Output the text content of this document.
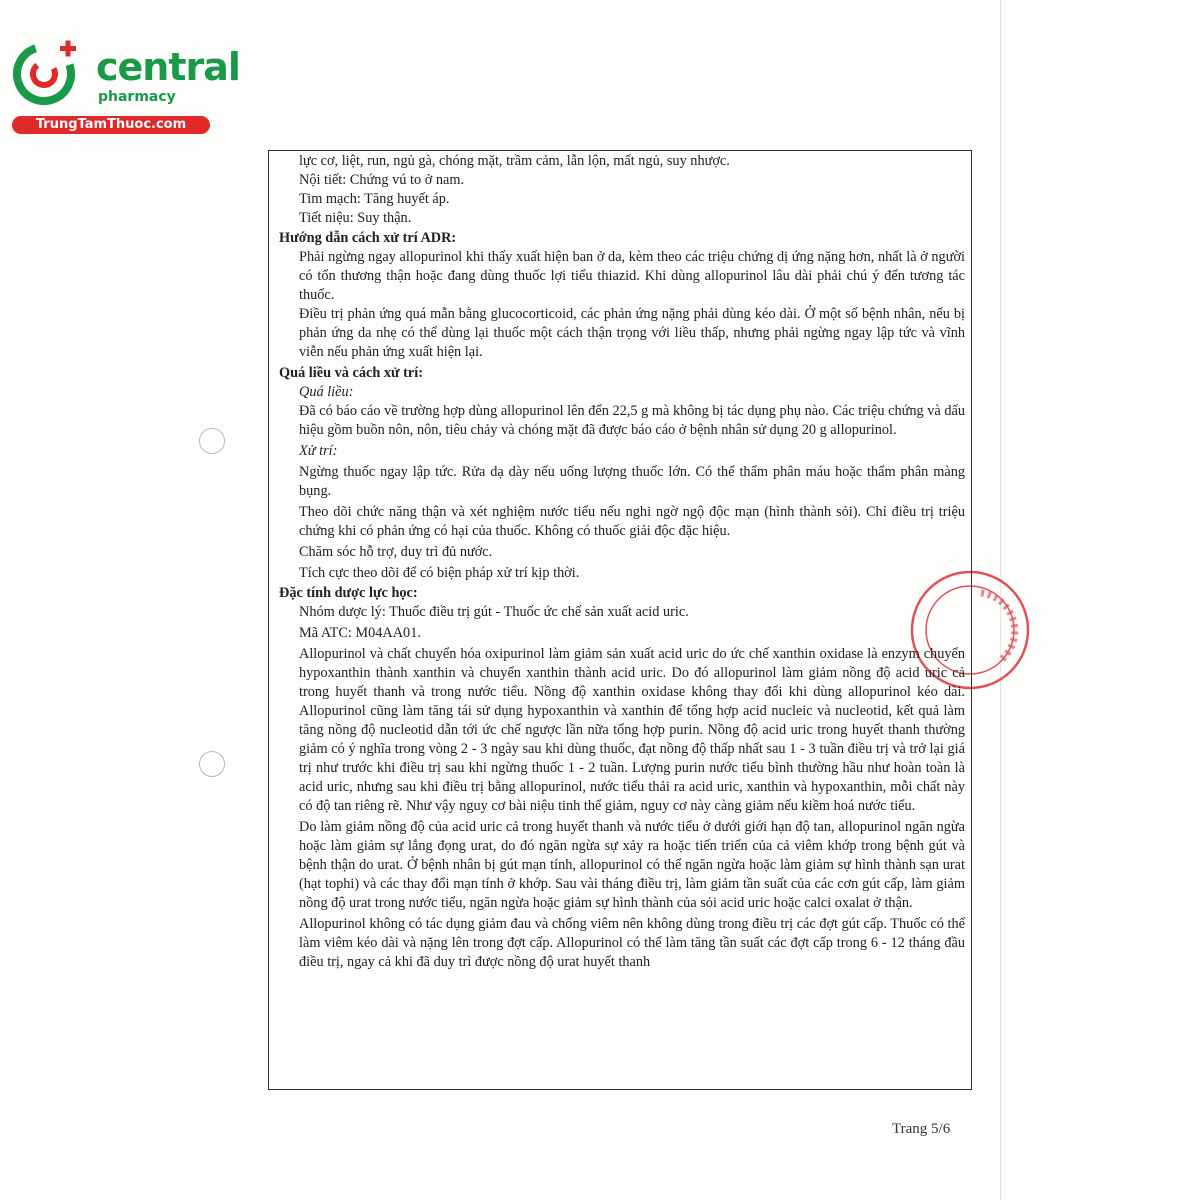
central
pharmacy
TrungTamThuoc.com

lực cơ, liệt, run, ngủ gà, chóng mặt, trầm cảm, lẫn lộn, mất ngủ, suy nhược.

Nội tiết: Chứng vú to ở nam.

Tim mạch: Tăng huyết áp.

Tiết niệu: Suy thận.

Hướng dẫn cách xử trí ADR:

Phải ngừng ngay allopurinol khi thấy xuất hiện ban ở da, kèm theo các triệu chứng dị ứng nặng hơn, nhất là ở người có tổn thương thận hoặc đang dùng thuốc lợi tiểu thiazid. Khi dùng allopurinol lâu dài phải chú ý đến tương tác thuốc.

Điều trị phản ứng quá mẫn bằng glucocorticoid, các phản ứng nặng phải dùng kéo dài. Ở một số bệnh nhân, nếu bị phản ứng da nhẹ có thể dùng lại thuốc một cách thận trọng với liều thấp, nhưng phải ngừng ngay lập tức và vĩnh viễn nếu phản ứng xuất hiện lại.

Quá liều và cách xử trí:

Quá liều:

Đã có báo cáo về trường hợp dùng allopurinol lên đến 22,5 g mà không bị tác dụng phụ nào. Các triệu chứng và dấu hiệu gồm buồn nôn, nôn, tiêu chảy và chóng mặt đã được báo cáo ở bệnh nhân sử dụng 20 g allopurinol.

Xử trí:

Ngừng thuốc ngay lập tức. Rửa dạ dày nếu uống lượng thuốc lớn. Có thể thẩm phân máu hoặc thẩm phân màng bụng.

Theo dõi chức năng thận và xét nghiệm nước tiểu nếu nghi ngờ ngộ độc mạn (hình thành sỏi). Chỉ điều trị triệu chứng khi có phản ứng có hại của thuốc. Không có thuốc giải độc đặc hiệu.

Chăm sóc hỗ trợ, duy trì đủ nước.

Tích cực theo dõi để có biện pháp xử trí kịp thời.

Đặc tính dược lực học:

Nhóm dược lý: Thuốc điều trị gút - Thuốc ức chế sản xuất acid uric.

Mã ATC: M04AA01.

Allopurinol và chất chuyển hóa oxipurinol làm giảm sản xuất acid uric do ức chế xanthin oxidase là enzym chuyển hypoxanthin thành xanthin và chuyển xanthin thành acid uric. Do đó allopurinol làm giảm nồng độ acid uric cả trong huyết thanh và trong nước tiểu. Nồng độ xanthin oxidase không thay đổi khi dùng allopurinol kéo dài. Allopurinol cũng làm tăng tái sử dụng hypoxanthin và xanthin để tổng hợp acid nucleic và nucleotid, kết quả làm tăng nồng độ nucleotid dẫn tới ức chế ngược lần nữa tổng hợp purin. Nồng độ acid uric trong huyết thanh thường giảm có ý nghĩa trong vòng 2 - 3 ngày sau khi dùng thuốc, đạt nồng độ thấp nhất sau 1 - 3 tuần điều trị và trở lại giá trị như trước khi điều trị sau khi ngừng thuốc 1 - 2 tuần. Lượng purin nước tiểu bình thường hầu như hoàn toàn là acid uric, nhưng sau khi điều trị bằng allopurinol, nước tiểu thải ra acid uric, xanthin và hypoxanthin, mỗi chất này có độ tan riêng rẽ. Như vậy nguy cơ bài niệu tinh thể giảm, nguy cơ này càng giảm nếu kiềm hoá nước tiểu.

Do làm giảm nồng độ của acid uric cả trong huyết thanh và nước tiểu ở dưới giới hạn độ tan, allopurinol ngăn ngừa hoặc làm giảm sự lắng đọng urat, do đó ngăn ngừa sự xảy ra hoặc tiến triển của cả viêm khớp trong bệnh gút và bệnh thận do urat. Ở bệnh nhân bị gút mạn tính, allopurinol có thể ngăn ngừa hoặc làm giảm sự hình thành sạn urat (hạt tophi) và các thay đổi mạn tính ở khớp. Sau vài tháng điều trị, làm giảm tần suất của các cơn gút cấp, làm giảm nồng độ urat trong nước tiểu, ngăn ngừa hoặc giảm sự hình thành của sỏi acid uric hoặc calci oxalat ở thận.

Allopurinol không có tác dụng giảm đau và chống viêm nên không dùng trong điều trị các đợt gút cấp. Thuốc có thể làm viêm kéo dài và nặng lên trong đợt cấp. Allopurinol có thể làm tăng tần suất các đợt cấp trong 6 - 12 tháng đầu điều trị, ngay cả khi đã duy trì được nồng độ urat huyết thanh

Trang 5/6
